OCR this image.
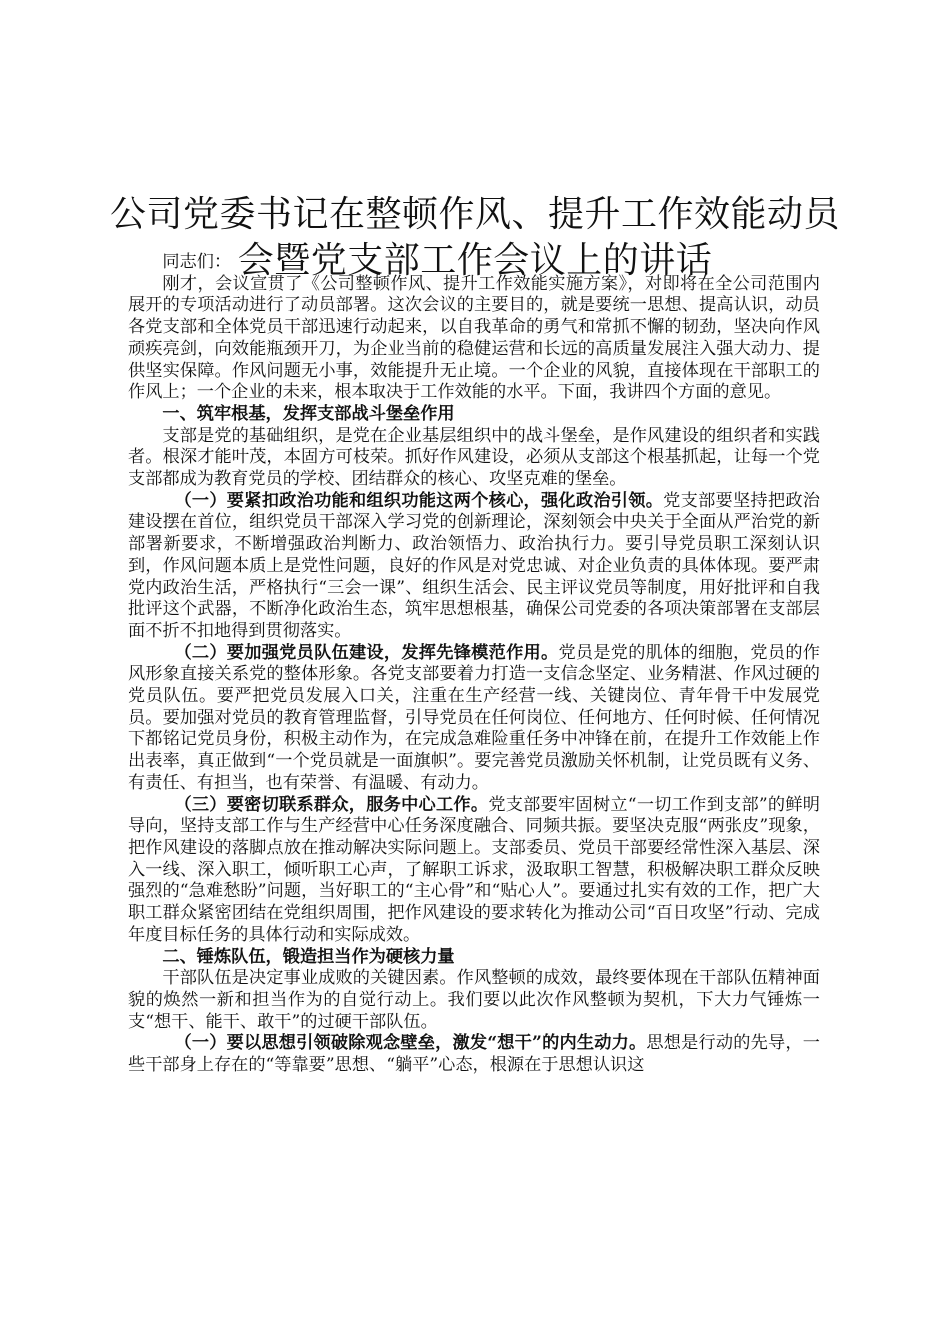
公司党委书记在整顿作风、提升工作效能动员
会暨党支部工作会议上的讲话

同志们：

刚才，会议宣贯了《公司整顿作风、提升工作效能实施方案》，对即将在全公司范围内展开的专项活动进行了动员部署。这次会议的主要目的，就是要统一思想、提高认识，动员各党支部和全体党员干部迅速行动起来，以自我革命的勇气和常抓不懈的韧劲，坚决向作风顽疾亮剑，向效能瓶颈开刀，为企业当前的稳健运营和长远的高质量发展注入强大动力、提供坚实保障。作风问题无小事，效能提升无止境。一个企业的风貌，直接体现在干部职工的作风上；一个企业的未来，根本取决于工作效能的水平。下面，我讲四个方面的意见。

一、筑牢根基，发挥支部战斗堡垒作用

支部是党的基础组织，是党在企业基层组织中的战斗堡垒，是作风建设的组织者和实践者。根深才能叶茂，本固方可枝荣。抓好作风建设，必须从支部这个根基抓起，让每一个党支部都成为教育党员的学校、团结群众的核心、攻坚克难的堡垒。

（一）要紧扣政治功能和组织功能这两个核心，强化政治引领。党支部要坚持把政治建设摆在首位，组织党员干部深入学习党的创新理论，深刻领会中央关于全面从严治党的新部署新要求，不断增强政治判断力、政治领悟力、政治执行力。要引导党员职工深刻认识到，作风问题本质上是党性问题，良好的作风是对党忠诚、对企业负责的具体体现。要严肃党内政治生活，严格执行“三会一课”、组织生活会、民主评议党员等制度，用好批评和自我批评这个武器，不断净化政治生态，筑牢思想根基，确保公司党委的各项决策部署在支部层面不折不扣地得到贯彻落实。

（二）要加强党员队伍建设，发挥先锋模范作用。党员是党的肌体的细胞，党员的作风形象直接关系党的整体形象。各党支部要着力打造一支信念坚定、业务精湛、作风过硬的党员队伍。要严把党员发展入口关，注重在生产经营一线、关键岗位、青年骨干中发展党员。要加强对党员的教育管理监督，引导党员在任何岗位、任何地方、任何时候、任何情况下都铭记党员身份，积极主动作为，在完成急难险重任务中冲锋在前，在提升工作效能上作出表率，真正做到“一个党员就是一面旗帜”。要完善党员激励关怀机制，让党员既有义务、有责任、有担当，也有荣誉、有温暖、有动力。

（三）要密切联系群众，服务中心工作。党支部要牢固树立“一切工作到支部”的鲜明导向，坚持支部工作与生产经营中心任务深度融合、同频共振。要坚决克服“两张皮”现象，把作风建设的落脚点放在推动解决实际问题上。支部委员、党员干部要经常性深入基层、深入一线、深入职工，倾听职工心声，了解职工诉求，汲取职工智慧，积极解决职工群众反映强烈的“急难愁盼”问题，当好职工的“主心骨”和“贴心人”。要通过扎实有效的工作，把广大职工群众紧密团结在党组织周围，把作风建设的要求转化为推动公司“百日攻坚”行动、完成年度目标任务的具体行动和实际成效。

二、锤炼队伍，锻造担当作为硬核力量

干部队伍是决定事业成败的关键因素。作风整顿的成效，最终要体现在干部队伍精神面貌的焕然一新和担当作为的自觉行动上。我们要以此次作风整顿为契机，下大力气锤炼一支“想干、能干、敢干”的过硬干部队伍。

（一）要以思想引领破除观念壁垒，激发“想干”的内生动力。思想是行动的先导，一些干部身上存在的“等靠要”思想、“躺平”心态，根源在于思想认识这
